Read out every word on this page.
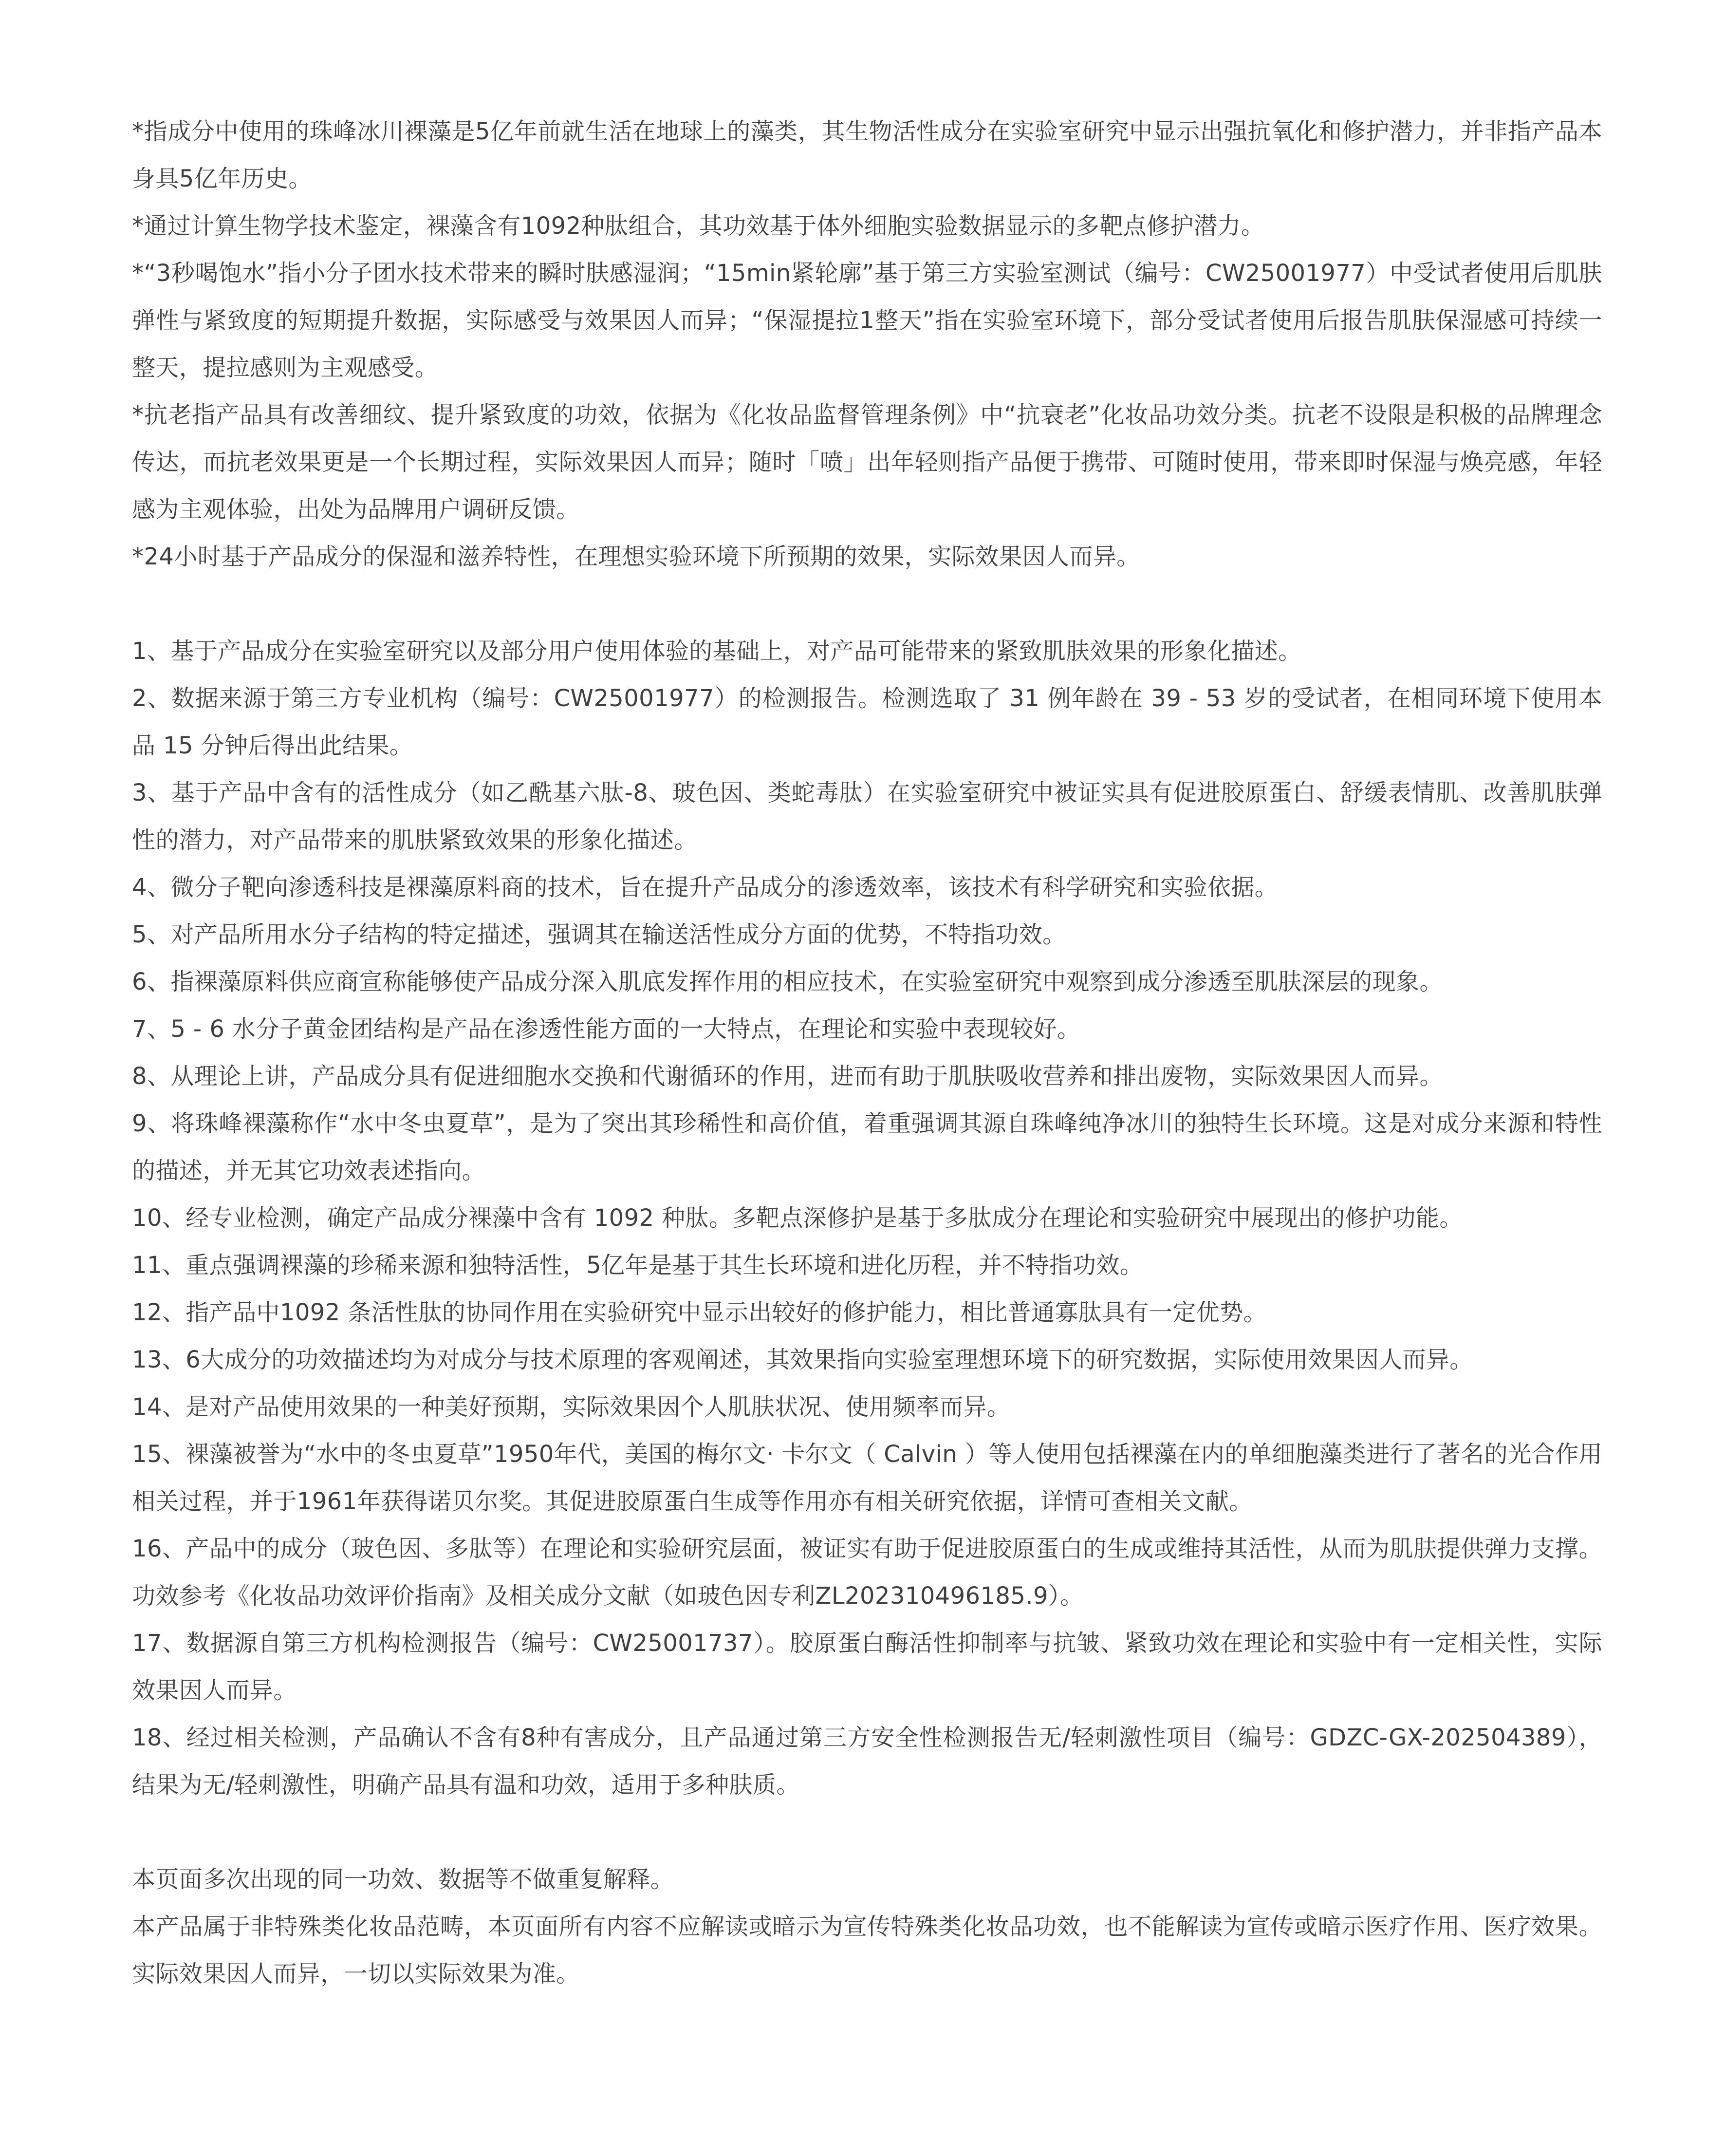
*指成分中使用的珠峰冰川裸藻是5亿年前就生活在地球上的藻类，其生物活性成分在实验室研究中显示出强抗氧化和修护潜力，并非指产品本身具5亿年历史。

*通过计算生物学技术鉴定，裸藻含有1092种肽组合，其功效基于体外细胞实验数据显示的多靶点修护潜力。

*“3秒喝饱水”指小分子团水技术带来的瞬时肤感湿润；“15min紧轮廓”基于第三方实验室测试（编号：CW25001977）中受试者使用后肌肤弹性与紧致度的短期提升数据，实际感受与效果因人而异；“保湿提拉1整天”指在实验室环境下，部分受试者使用后报告肌肤保湿感可持续一整天，提拉感则为主观感受。

*抗老指产品具有改善细纹、提升紧致度的功效，依据为《化妆品监督管理条例》中“抗衰老”化妆品功效分类。抗老不设限是积极的品牌理念传达，而抗老效果更是一个长期过程，实际效果因人而异；随时「喷」出年轻则指产品便于携带、可随时使用，带来即时保湿与焕亮感，年轻感为主观体验，出处为品牌用户调研反馈。

*24小时基于产品成分的保湿和滋养特性，在理想实验环境下所预期的效果，实际效果因人而异。

1、基于产品成分在实验室研究以及部分用户使用体验的基础上，对产品可能带来的紧致肌肤效果的形象化描述。

2、数据来源于第三方专业机构（编号：CW25001977）的检测报告。检测选取了 31 例年龄在 39 - 53 岁的受试者，在相同环境下使用本品 15 分钟后得出此结果。

3、基于产品中含有的活性成分（如乙酰基六肽-8、玻色因、类蛇毒肽）在实验室研究中被证实具有促进胶原蛋白、舒缓表情肌、改善肌肤弹性的潜力，对产品带来的肌肤紧致效果的形象化描述。

4、微分子靶向渗透科技是裸藻原料商的技术，旨在提升产品成分的渗透效率，该技术有科学研究和实验依据。

5、对产品所用水分子结构的特定描述，强调其在输送活性成分方面的优势，不特指功效。

6、指裸藻原料供应商宣称能够使产品成分深入肌底发挥作用的相应技术，在实验室研究中观察到成分渗透至肌肤深层的现象。

7、5 - 6 水分子黄金团结构是产品在渗透性能方面的一大特点，在理论和实验中表现较好。

8、从理论上讲，产品成分具有促进细胞水交换和代谢循环的作用，进而有助于肌肤吸收营养和排出废物，实际效果因人而异。

9、将珠峰裸藻称作“水中冬虫夏草”，是为了突出其珍稀性和高价值，着重强调其源自珠峰纯净冰川的独特生长环境。这是对成分来源和特性的描述，并无其它功效表述指向。

10、经专业检测，确定产品成分裸藻中含有 1092 种肽。多靶点深修护是基于多肽成分在理论和实验研究中展现出的修护功能。

11、重点强调裸藻的珍稀来源和独特活性，5亿年是基于其生长环境和进化历程，并不特指功效。

12、指产品中1092 条活性肽的协同作用在实验研究中显示出较好的修护能力，相比普通寡肽具有一定优势。

13、6大成分的功效描述均为对成分与技术原理的客观阐述，其效果指向实验室理想环境下的研究数据，实际使用效果因人而异。

14、是对产品使用效果的一种美好预期，实际效果因个人肌肤状况、使用频率而异。

15、裸藻被誉为“水中的冬虫夏草”1950年代，美国的梅尔文· 卡尔文（ Calvin ）等人使用包括裸藻在内的单细胞藻类进行了著名的光合作用相关过程，并于1961年获得诺贝尔奖。其促进胶原蛋白生成等作用亦有相关研究依据，详情可查相关文献。

16、产品中的成分（玻色因、多肽等）在理论和实验研究层面，被证实有助于促进胶原蛋白的生成或维持其活性，从而为肌肤提供弹力支撑。功效参考《化妆品功效评价指南》及相关成分文献（如玻色因专利ZL202310496185.9）。

17、数据源自第三方机构检测报告（编号：CW25001737）。胶原蛋白酶活性抑制率与抗皱、紧致功效在理论和实验中有一定相关性，实际效果因人而异。

18、经过相关检测，产品确认不含有8种有害成分，且产品通过第三方安全性检测报告无/轻刺激性项目（编号：GDZC-GX-202504389），结果为无/轻刺激性，明确产品具有温和功效，适用于多种肤质。

本页面多次出现的同一功效、数据等不做重复解释。

本产品属于非特殊类化妆品范畴，本页面所有内容不应解读或暗示为宣传特殊类化妆品功效，也不能解读为宣传或暗示医疗作用、医疗效果。实际效果因人而异，一切以实际效果为准。
